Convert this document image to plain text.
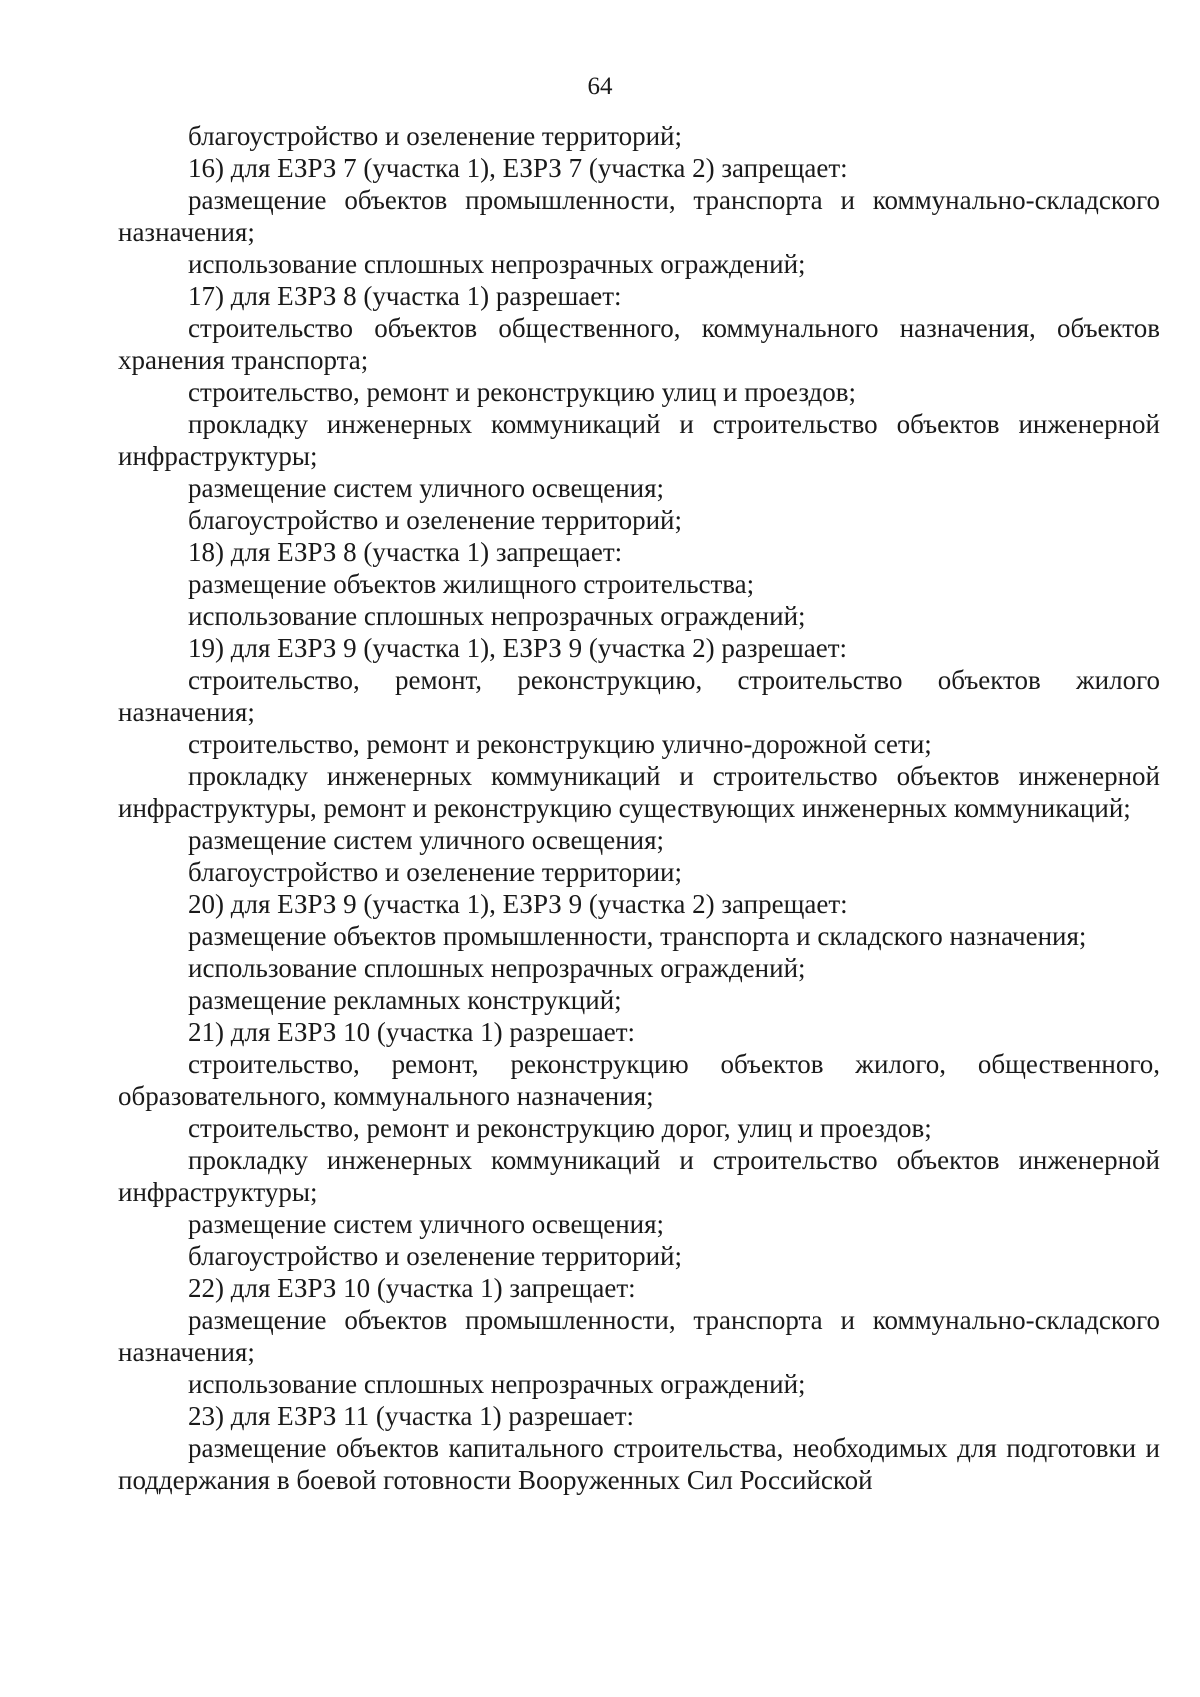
64

благоустройство и озеленение территорий;

16) для ЕЗРЗ 7 (участка 1), ЕЗРЗ 7 (участка 2) запрещает:

размещение объектов промышленности, транспорта и коммунально-складского назначения;

использование сплошных непрозрачных ограждений;

17) для ЕЗРЗ 8 (участка 1) разрешает:

строительство объектов общественного, коммунального назначения, объектов хранения транспорта;

строительство, ремонт и реконструкцию улиц и проездов;

прокладку инженерных коммуникаций и строительство объектов инженерной инфраструктуры;

размещение систем уличного освещения;

благоустройство и озеленение территорий;

18) для ЕЗРЗ 8 (участка 1) запрещает:

размещение объектов жилищного строительства;

использование сплошных непрозрачных ограждений;

19) для ЕЗРЗ 9 (участка 1), ЕЗРЗ 9 (участка 2) разрешает:

строительство, ремонт, реконструкцию, строительство объектов жилого назначения;

строительство, ремонт и реконструкцию улично-дорожной сети;

прокладку инженерных коммуникаций и строительство объектов инженерной инфраструктуры, ремонт и реконструкцию существующих инженерных коммуникаций;

размещение систем уличного освещения;

благоустройство и озеленение территории;

20) для ЕЗРЗ 9 (участка 1), ЕЗРЗ 9 (участка 2) запрещает:

размещение объектов промышленности, транспорта и складского назначения;

использование сплошных непрозрачных ограждений;

размещение рекламных конструкций;

21) для ЕЗРЗ 10 (участка 1) разрешает:

строительство, ремонт, реконструкцию объектов жилого, общественного, образовательного, коммунального назначения;

строительство, ремонт и реконструкцию дорог, улиц и проездов;

прокладку инженерных коммуникаций и строительство объектов инженерной инфраструктуры;

размещение систем уличного освещения;

благоустройство и озеленение территорий;

22) для ЕЗРЗ 10 (участка 1) запрещает:

размещение объектов промышленности, транспорта и коммунально-складского назначения;

использование сплошных непрозрачных ограждений;

23) для ЕЗРЗ 11 (участка 1) разрешает:

размещение объектов капитального строительства, необходимых для подготовки и поддержания в боевой готовности Вооруженных Сил Российской
